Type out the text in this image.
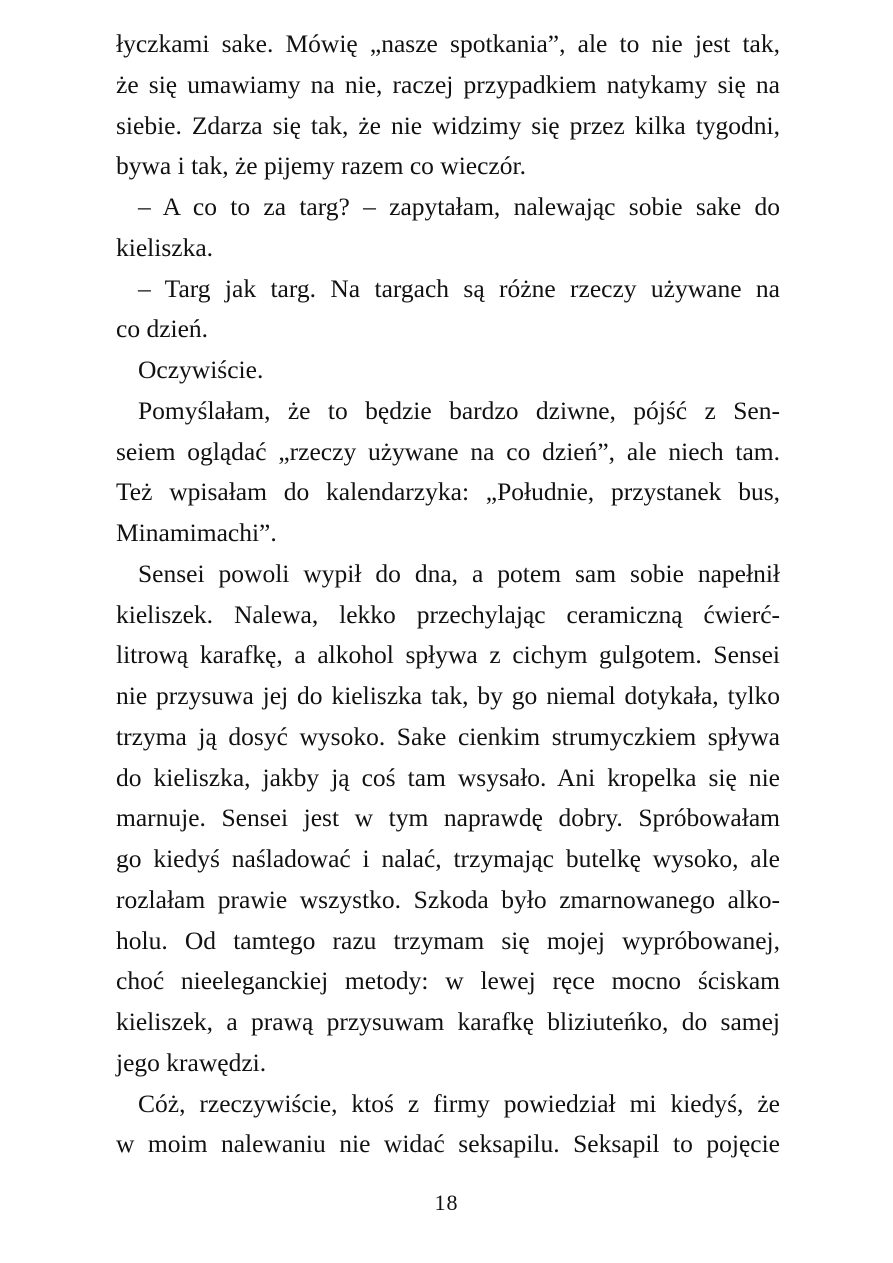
łyczkami sake. Mówię „nasze spotkania”, ale to nie jest tak,
że się umawiamy na nie, raczej przypadkiem natykamy się na
siebie. Zdarza się tak, że nie widzimy się przez kilka tygodni,
bywa i tak, że pijemy razem co wieczór.

– A co to za targ? – zapytałam, nalewając sobie sake do
kieliszka.

– Targ jak targ. Na targach są różne rzeczy używane na
co dzień.

Oczywiście.

Pomyślałam, że to będzie bardzo dziwne, pójść z Sen-
seiem oglądać „rzeczy używane na co dzień”, ale niech tam.
Też wpisałam do kalendarzyka: „Południe, przystanek bus,
Minamimachi”.

Sensei powoli wypił do dna, a potem sam sobie napełnił
kieliszek. Nalewa, lekko przechylając ceramiczną ćwierć-
litrową karafkę, a alkohol spływa z cichym gulgotem. Sensei
nie przysuwa jej do kieliszka tak, by go niemal dotykała, tylko
trzyma ją dosyć wysoko. Sake cienkim strumyczkiem spływa
do kieliszka, jakby ją coś tam wsysało. Ani kropelka się nie
marnuje. Sensei jest w tym naprawdę dobry. Spróbowałam
go kiedyś naśladować i nalać, trzymając butelkę wysoko, ale
rozlałam prawie wszystko. Szkoda było zmarnowanego alko-
holu. Od tamtego razu trzymam się mojej wypróbowanej,
choć nieeleganckiej metody: w lewej ręce mocno ściskam
kieliszek, a prawą przysuwam karafkę bliziuteńko, do samej
jego krawędzi.

Cóż, rzeczywiście, ktoś z firmy powiedział mi kiedyś, że
w moim nalewaniu nie widać seksapilu. Seksapil to pojęcie

18
